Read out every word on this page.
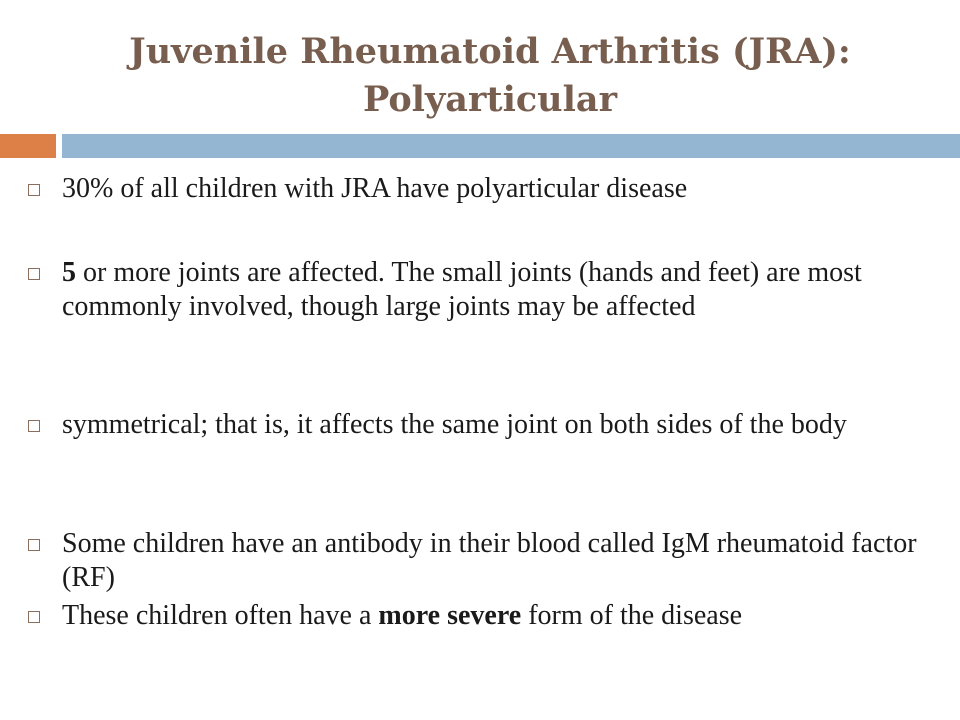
Juvenile Rheumatoid Arthritis (JRA):
Polyarticular
30% of all children with JRA have polyarticular disease
5 or more joints are affected. The small joints (hands and feet) are most commonly involved, though large joints may be affected
symmetrical; that is, it affects the same joint on both sides of the body
Some children have an antibody in their blood called IgM rheumatoid factor (RF)
These children often have a more severe form of the disease
